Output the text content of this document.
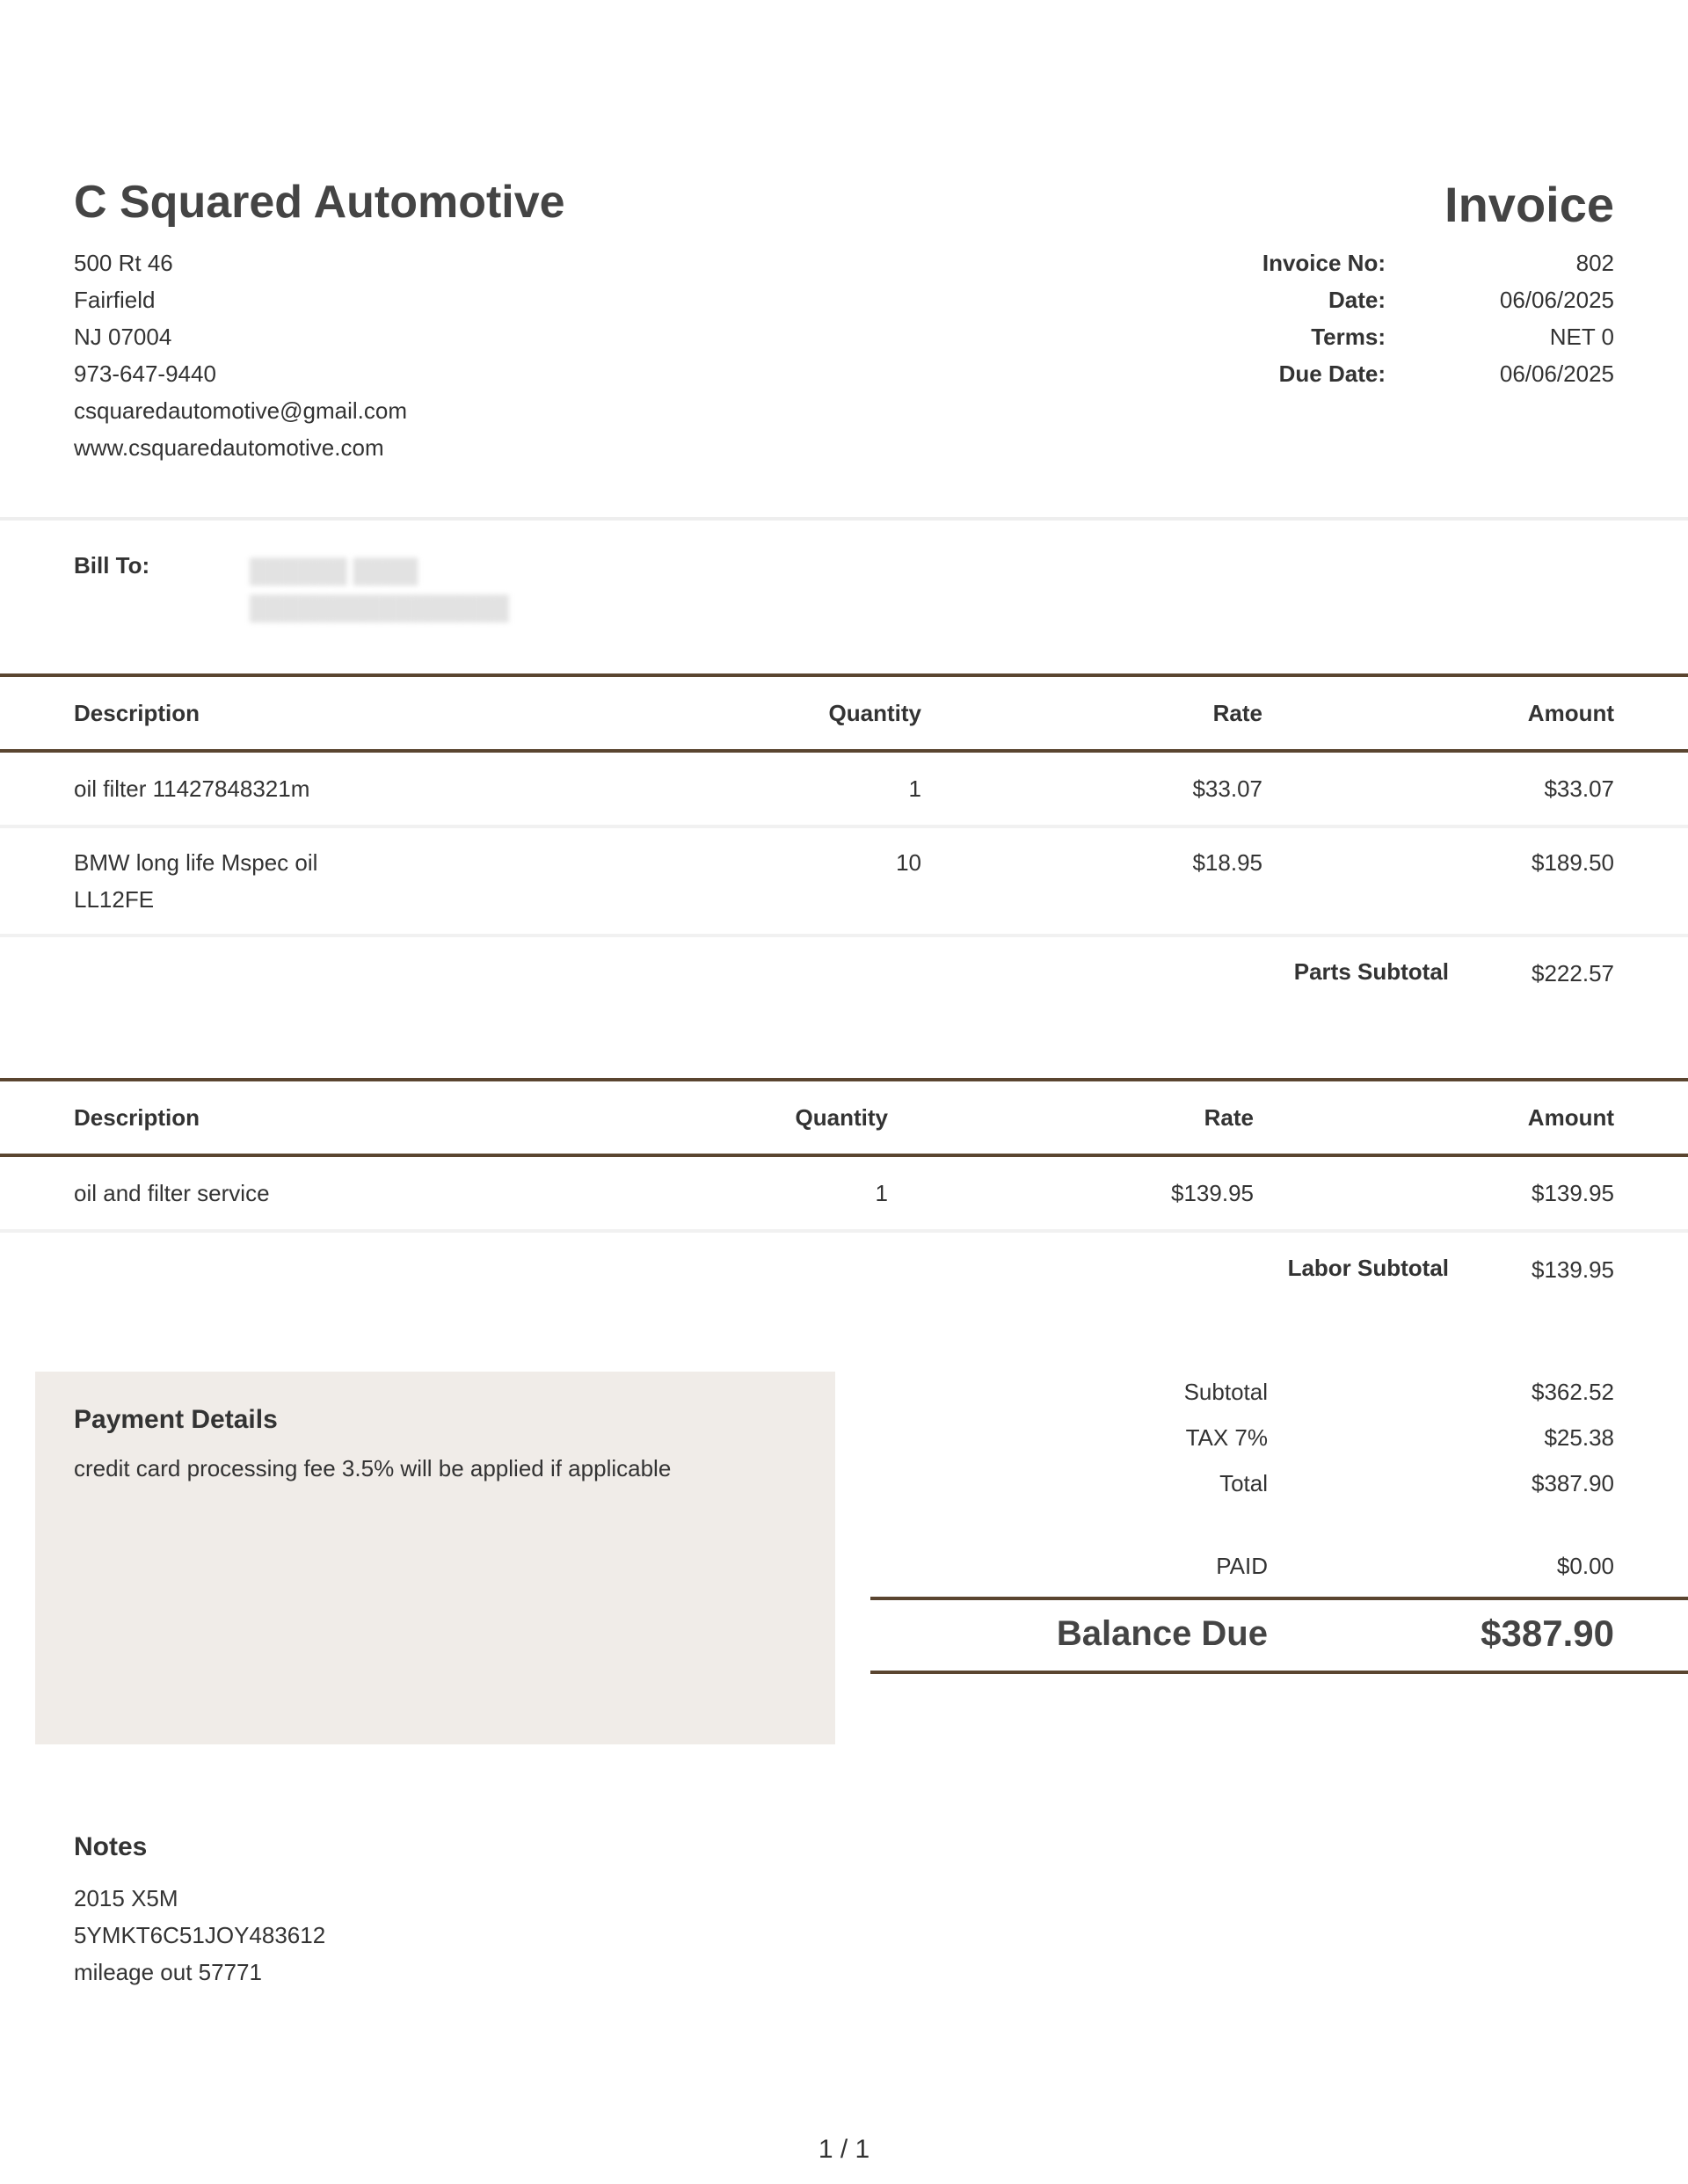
C Squared Automotive
500 Rt 46
Fairfield
NJ 07004
973-647-9440
csquaredautomotive@gmail.com
www.csquaredautomotive.com
Invoice
Invoice No:	802
Date:	06/06/2025
Terms:	NET 0
Due Date:	06/06/2025
Bill To:	██████ ████
████████████████
Description	Quantity	Rate	Amount
oil filter 11427848321m	1	$33.07	$33.07
BMW long life Mspec oil
LL12FE
10	$18.95	$189.50
Parts Subtotal	$222.57
Description	Quantity	Rate	Amount
oil and filter service	1	$139.95	$139.95
Labor Subtotal	$139.95
Payment Details
credit card processing fee 3.5% will be applied if applicable
Subtotal	$362.52
TAX 7%	$25.38
Total	$387.90
PAID	$0.00
Balance Due	$387.90
Notes
2015 X5M
5YMKT6C51JOY483612
mileage out 57771
1 / 1
